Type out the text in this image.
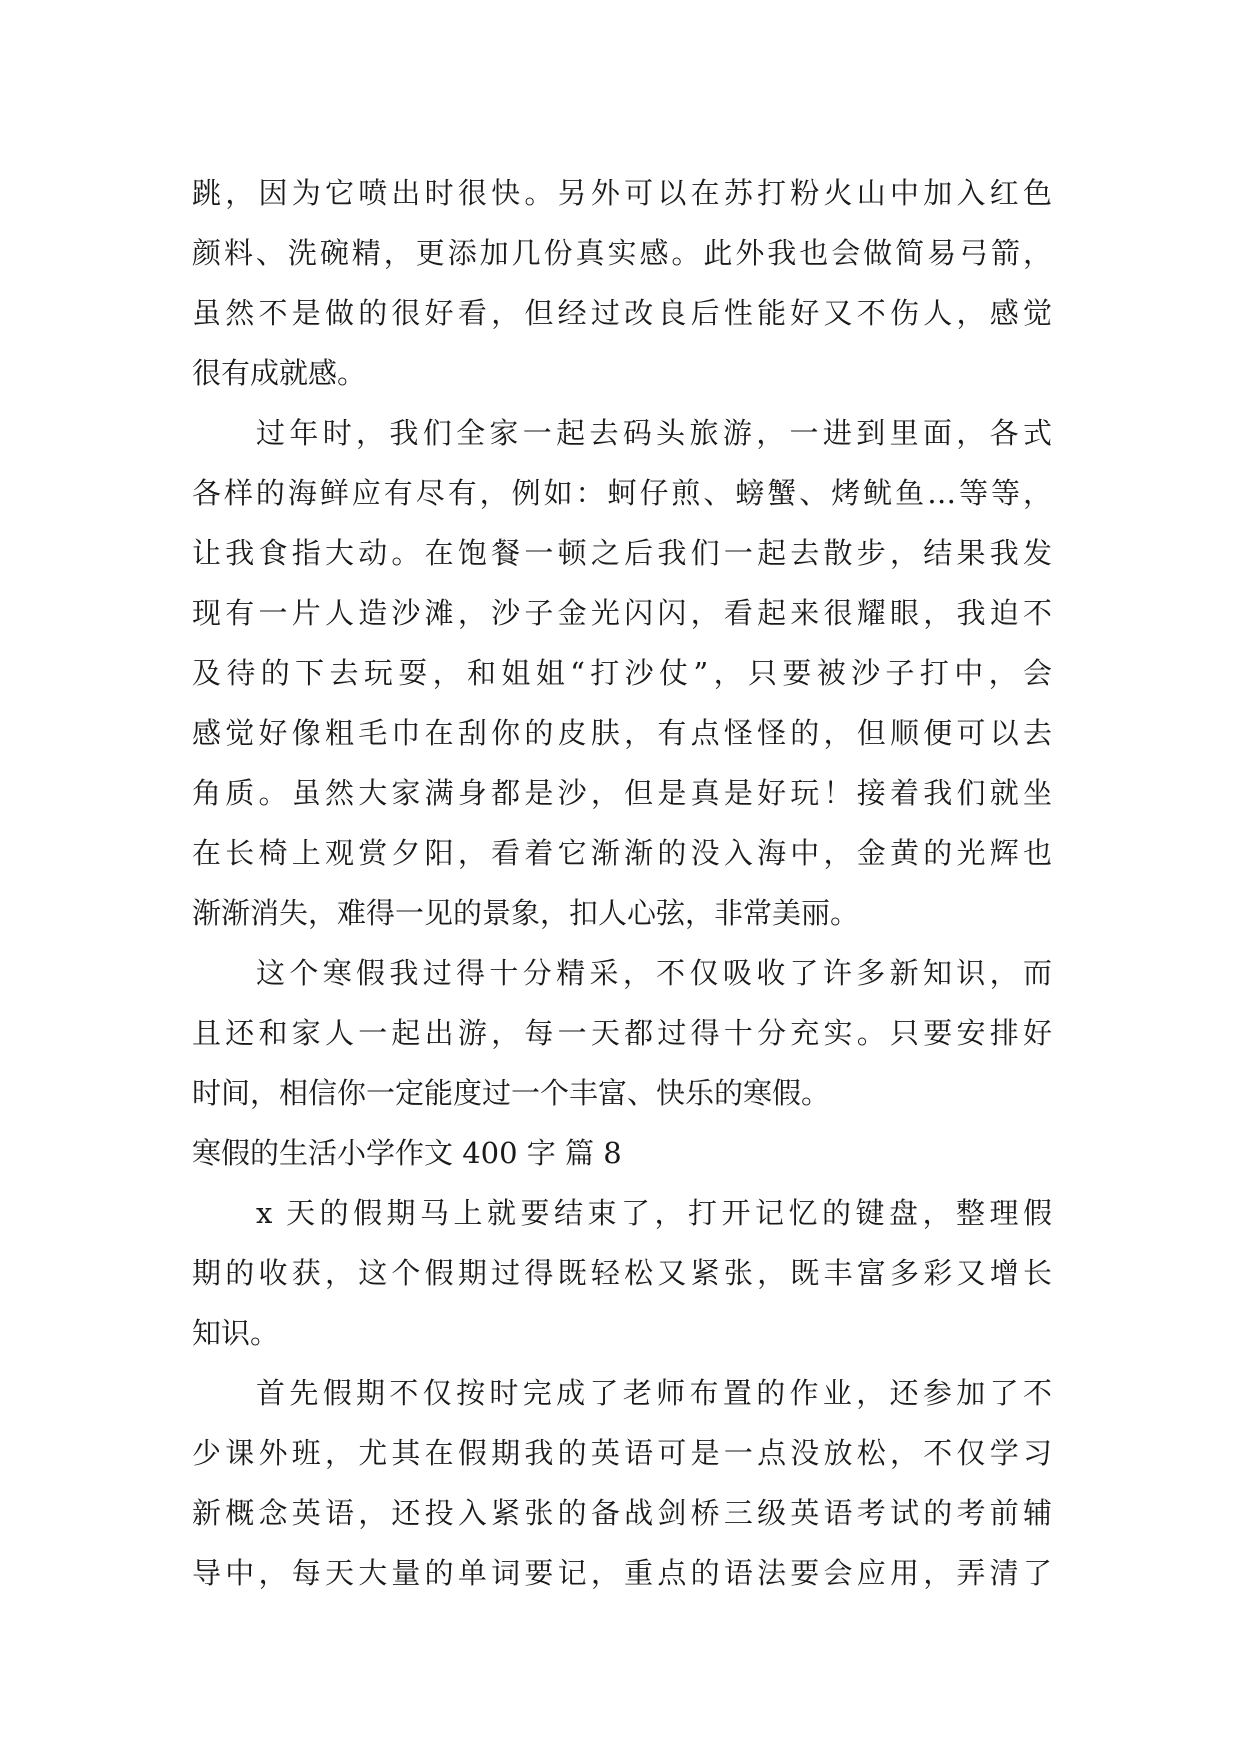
跳，因为它喷出时很快。另外可以在苏打粉火山中加入红色
颜料、洗碗精，更添加几份真实感。此外我也会做简易弓箭，
虽然不是做的很好看，但经过改良后性能好又不伤人，感觉
很有成就感。
过年时，我们全家一起去码头旅游，一进到里面，各式
各样的海鲜应有尽有，例如：蚵仔煎、螃蟹、烤鱿鱼…等等，
让我食指大动。在饱餐一顿之后我们一起去散步，结果我发
现有一片人造沙滩，沙子金光闪闪，看起来很耀眼，我迫不
及待的下去玩耍，和姐姐“打沙仗”，只要被沙子打中，会
感觉好像粗毛巾在刮你的皮肤，有点怪怪的，但顺便可以去
角质。虽然大家满身都是沙，但是真是好玩！接着我们就坐
在长椅上观赏夕阳，看着它渐渐的没入海中，金黄的光辉也
渐渐消失，难得一见的景象，扣人心弦，非常美丽。
这个寒假我过得十分精采，不仅吸收了许多新知识，而
且还和家人一起出游，每一天都过得十分充实。只要安排好
时间，相信你一定能度过一个丰富、快乐的寒假。
寒假的生活小学作文 400 字 篇 8
x 天的假期马上就要结束了，打开记忆的键盘，整理假
期的收获，这个假期过得既轻松又紧张，既丰富多彩又增长
知识。
首先假期不仅按时完成了老师布置的作业，还参加了不
少课外班，尤其在假期我的英语可是一点没放松，不仅学习
新概念英语，还投入紧张的备战剑桥三级英语考试的考前辅
导中，每天大量的单词要记，重点的语法要会应用，弄清了
